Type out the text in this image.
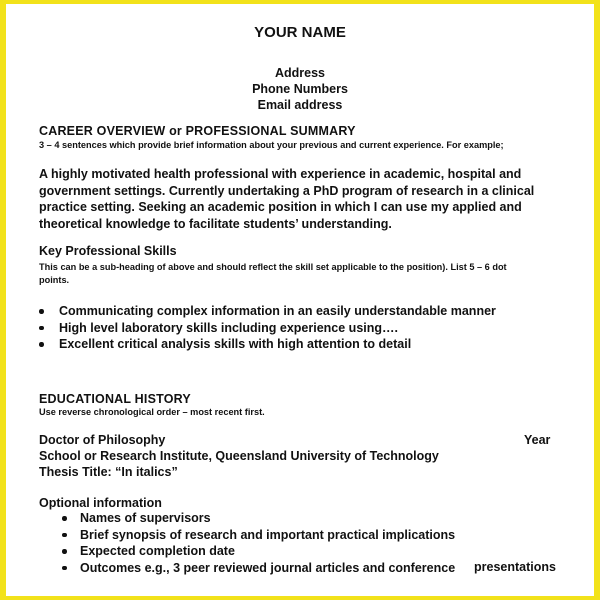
YOUR NAME
Address
Phone Numbers
Email address
CAREER OVERVIEW or PROFESSIONAL SUMMARY
3 – 4 sentences which provide brief information about your previous and current experience. For example;
A highly motivated health professional with experience in academic, hospital and
government settings. Currently undertaking a PhD program of research in a clinical
practice setting. Seeking an academic position in which I can use my applied and
theoretical knowledge to facilitate students’ understanding.
Key Professional Skills
This can be a sub-heading of above and should reflect the skill set applicable to the position). List 5 – 6 dot
points.
Communicating complex information in an easily understandable manner
High level laboratory skills including experience using….
Excellent critical analysis skills with high attention to detail
EDUCATIONAL HISTORY
Use reverse chronological order – most recent first.
Doctor of Philosophy	Year
School or Research Institute, Queensland University of Technology
Thesis Title: “In italics”
Optional information
Names of supervisors
Brief synopsis of research and important practical implications
Expected completion date
Outcomes e.g., 3 peer reviewed journal articles and conference presentations
